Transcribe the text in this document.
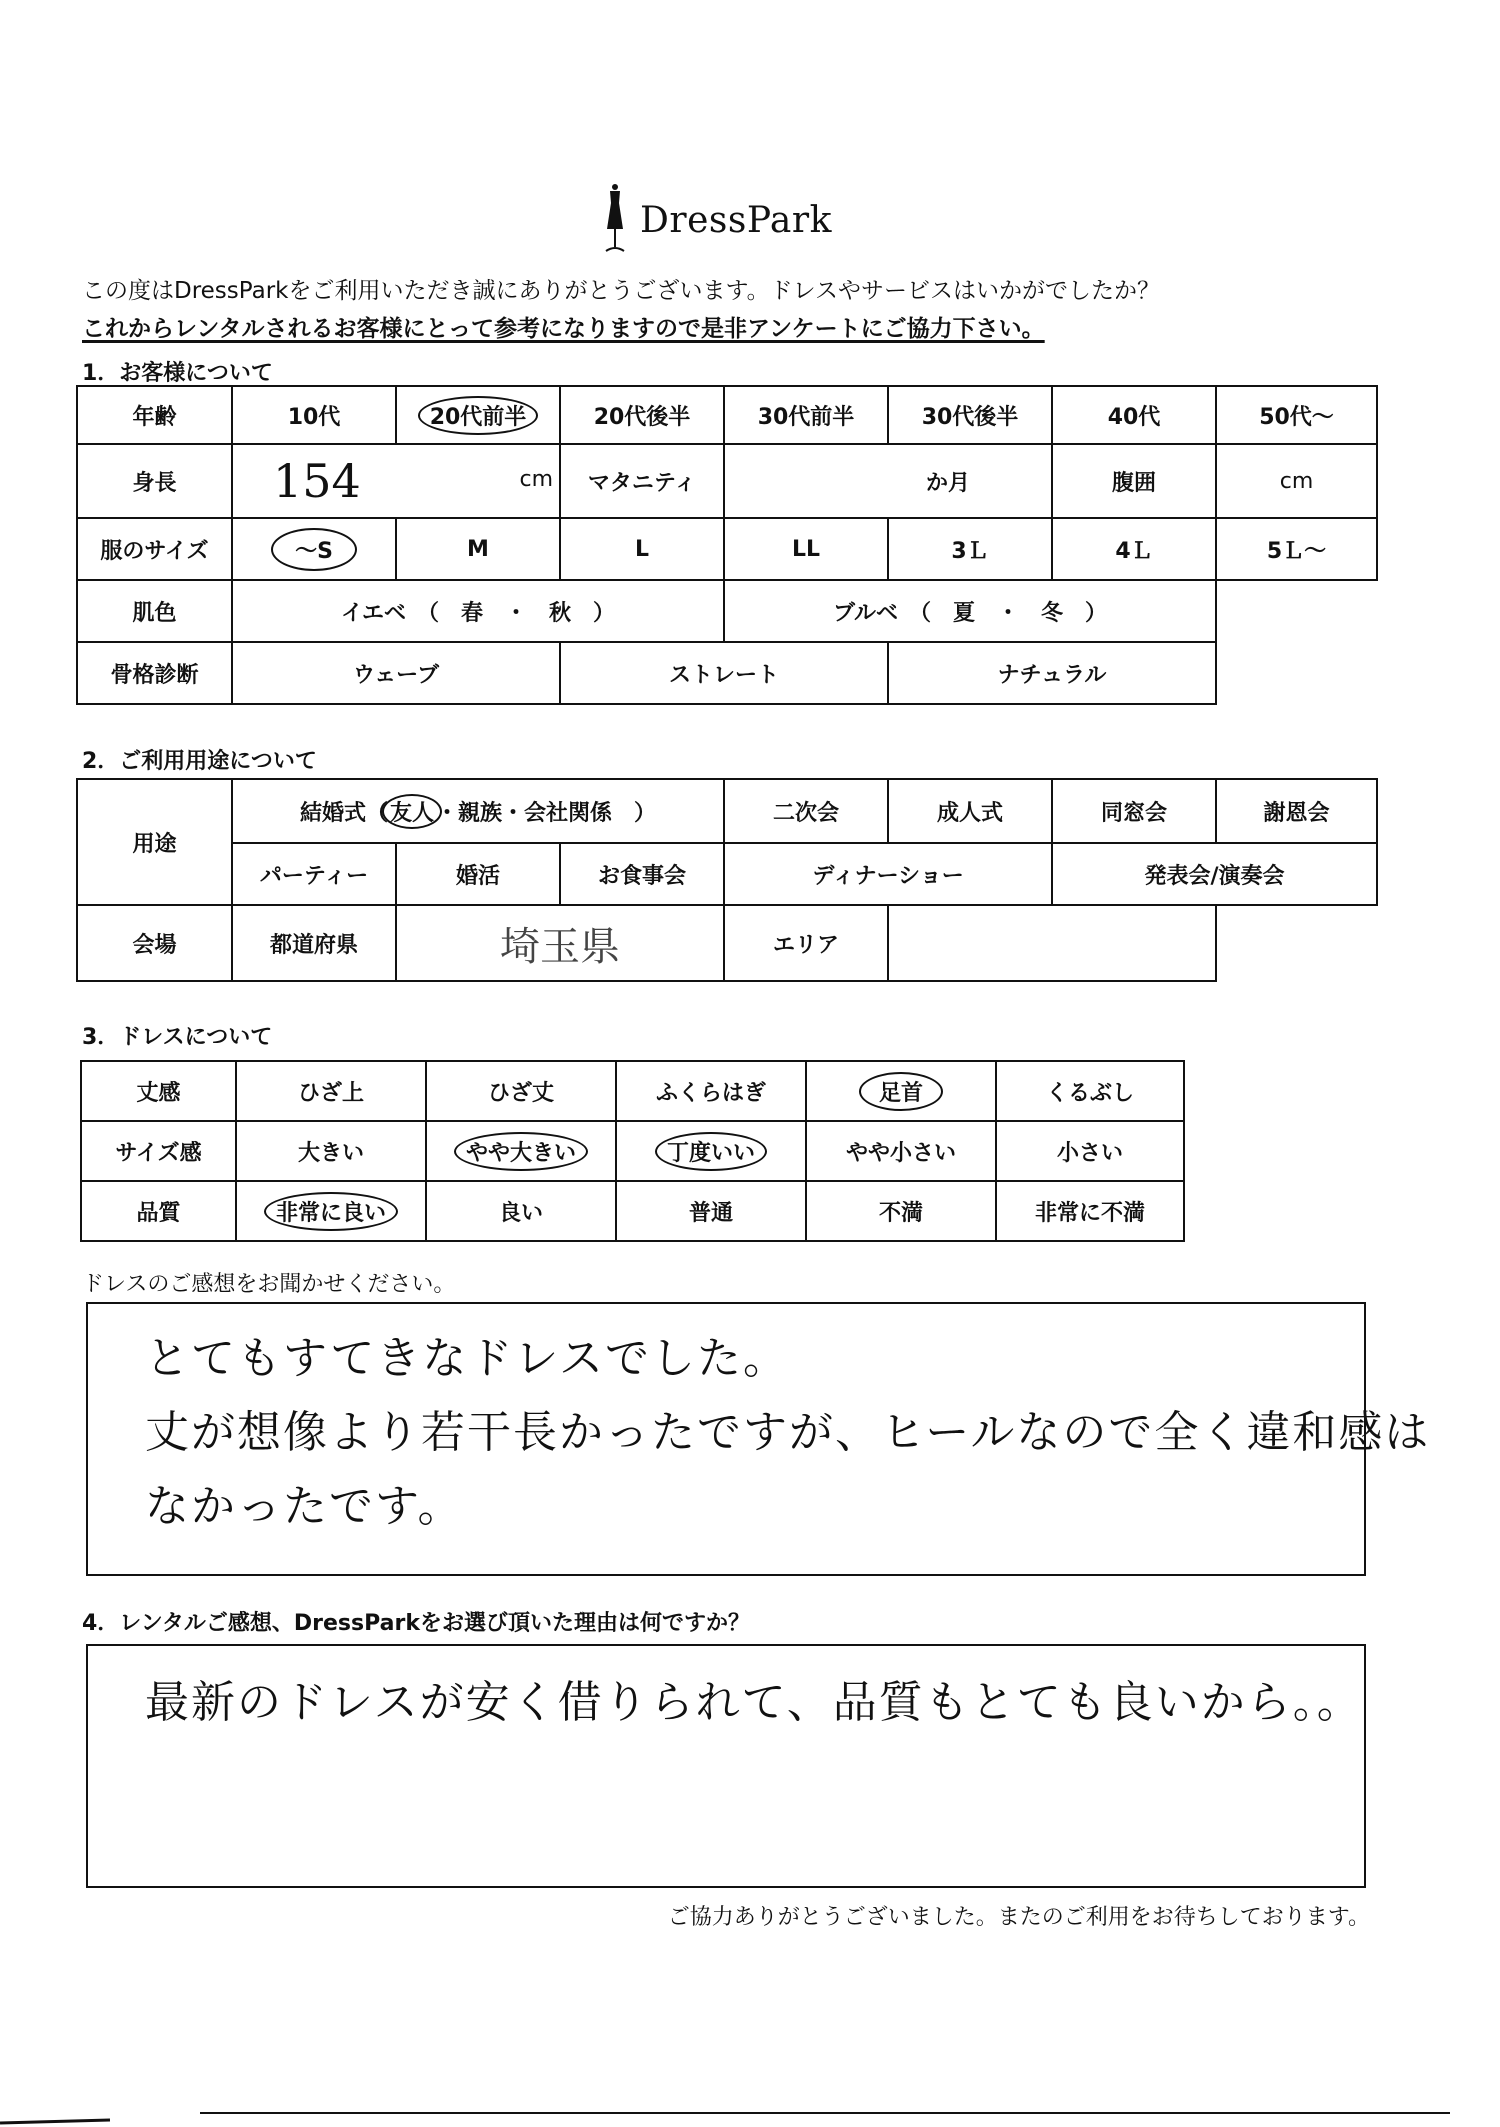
DressPark
この度はDressParkをご利用いただき誠にありがとうございます。ドレスやサービスはいかがでしたか？
これからレンタルされるお客様にとって参考になりますので是非アンケートにご協力下さい。
1．お客様について
年齢	10代	20代前半	20代後半	30代前半	30代後半	40代	50代～
身長	154 cm		マタニティ	か月		腹囲	cm
服のサイズ	～S	M	L	LL	3Ｌ	4Ｌ	5Ｌ～
肌色	イエベ　（　春　・　秋　）			ブルベ　（　夏　・　冬　）			
骨格診断	ウェーブ		ストレート		ナチュラル		
2．ご利用用途について
用途	結婚式（友人・親族・会社関係　）			二次会	成人式	同窓会	謝恩会
	パーティー	婚活	お食事会	ディナーショー		発表会/演奏会	
会場	都道府県	埼玉県		エリア			
3．ドレスについて
丈感	ひざ上	ひざ丈	ふくらはぎ	足首	くるぶし
サイズ感	大きい	やや大きい	丁度いい	やや小さい	小さい
品質	非常に良い	良い	普通	不満	非常に不満
ドレスのご感想をお聞かせください。
とてもすてきなドレスでした。
丈が想像より若干長かったですが、ヒールなので全く違和感は
なかったです。
4．レンタルご感想、DressParkをお選び頂いた理由は何ですか？
最新のドレスが安く借りられて、品質もとても良いから。。
ご協力ありがとうございました。またのご利用をお待ちしております。
